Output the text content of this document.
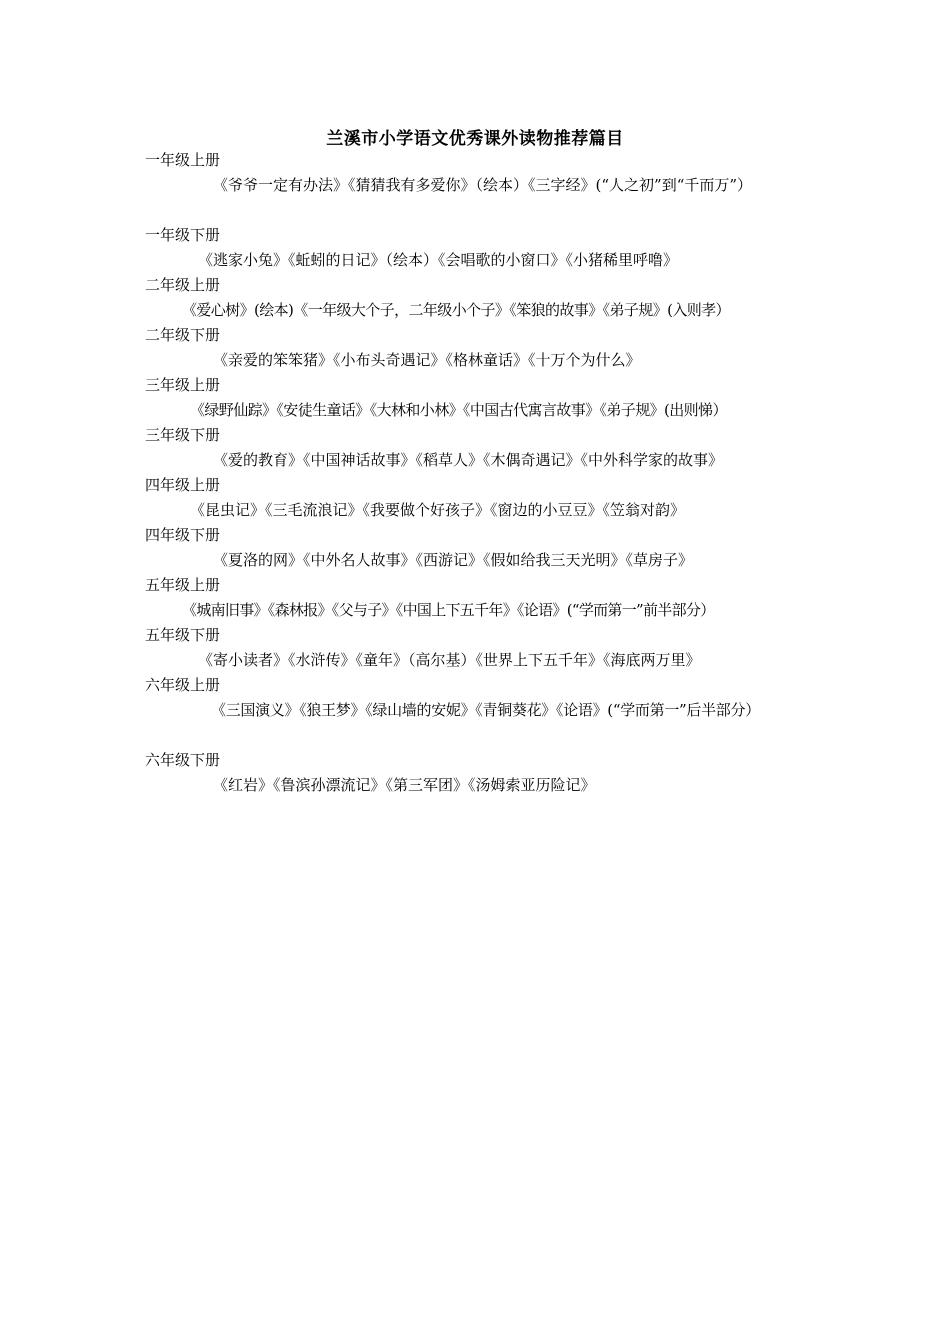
兰溪市小学语文优秀课外读物推荐篇目
一年级上册
《爷爷一定有办法》《猜猜我有多爱你》（绘本）《三字经》(“人之初”到“千而万”）
一年级下册
《逃家小兔》《蚯蚓的日记》（绘本）《会唱歌的小窗口》《小猪稀里呼噜》
二年级上册
《爱心树》(绘本)《一年级大个子，二年级小个子》《笨狼的故事》《弟子规》(入则孝）
二年级下册
《亲爱的笨笨猪》《小布头奇遇记》《格林童话》《十万个为什么》
三年级上册
《绿野仙踪》《安徒生童话》《大林和小林》《中国古代寓言故事》《弟子规》(出则悌）
三年级下册
《爱的教育》《中国神话故事》《稻草人》《木偶奇遇记》《中外科学家的故事》
四年级上册
《昆虫记》《三毛流浪记》《我要做个好孩子》《窗边的小豆豆》《笠翁对韵》
四年级下册
《夏洛的网》《中外名人故事》《西游记》《假如给我三天光明》《草房子》
五年级上册
《城南旧事》《森林报》《父与子》《中国上下五千年》《论语》(“学而第一”前半部分）
五年级下册
《寄小读者》《水浒传》《童年》（高尔基）《世界上下五千年》《海底两万里》
六年级上册
《三国演义》《狼王梦》《绿山墙的安妮》《青铜葵花》《论语》(“学而第一”后半部分）
六年级下册
《红岩》《鲁滨孙漂流记》《第三军团》《汤姆索亚历险记》
